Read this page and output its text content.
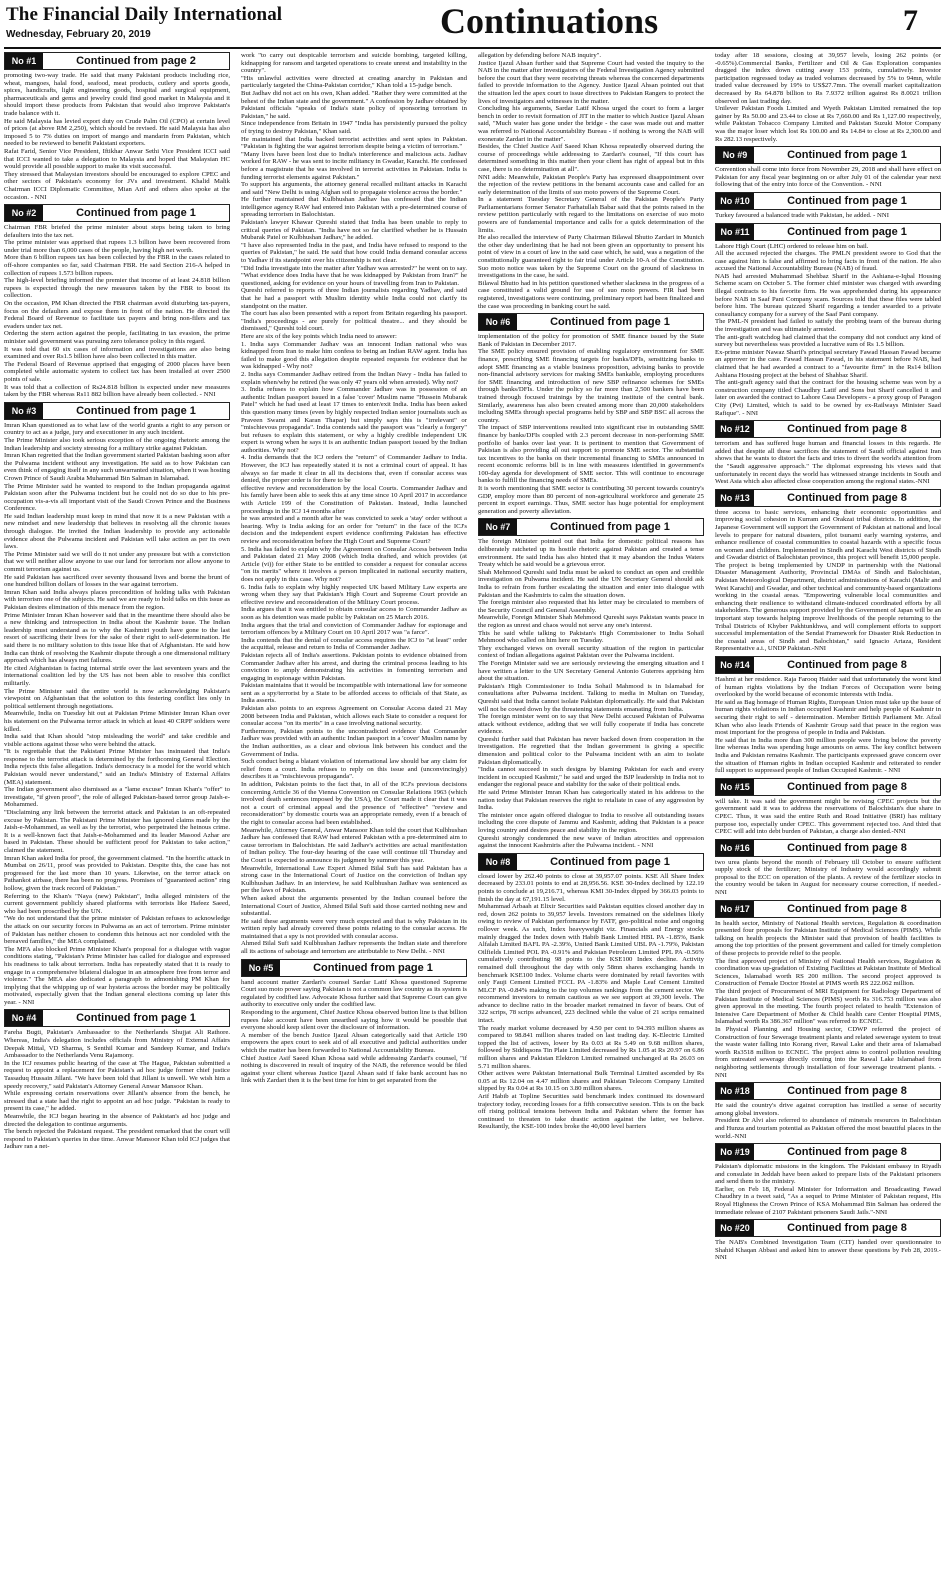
The Financial Daily International
Wednesday, February 20, 2019	Continuations	7
No #1	Continued from page 2
promoting two-way trade. He said that many Pakistani products including rice, wheat, mangoes, halal food, seafood, meat products, cutlery and sports goods, spices, handicrafts, light engineering goods, hospital and surgical equipment, pharmaceuticals and gems and jewelry could find good market in Malaysia and it should import these products from Pakistan that would also improve Pakistan's trade balance with it.
He said Malaysia has levied export duty on Crude Palm Oil (CPO) at certain level of prices (at above RM 2,250), which should be revised. He said Malaysia has also imposed 5 to 7% duties on import of mango and mandarin from Pakistan, which needed to be reviewed to benefit Pakistani exporters.
Rafat Farid, Senior Vice President, Iftikhar Anwar Sethi Vice President ICCI said that ICCI wanted to take a delegation to Malaysia and hoped that Malaysian HC would provide all possible support to make its visit successful.
They stressed that Malaysian investors should be encouraged to explore CPEC and other sectors of Pakistan's economy for JVs and investment. Khalid Malik Chairman ICCI Diplomatic Committee, Mian Arif and others also spoke at the occasion. - NNI
No #2	Continued from page 1
Chairman FBR briefed the prime minister about steps being taken to bring defaulters into the tax net.
The prime minister was apprised that rupees 1.3 billion have been recovered from under trial more than 6,000 cases of the people, having high net worth.
More than 6 billion rupees tax has been collected by the FBR in the cases related to off-shore companies so far, said Chairman FBR. He said Section 216-A helped in collection of rupees 1.573 billion rupees.
The high-level briefing informed the premier that income of at least 24.818 billion rupees is expected through the new measures taken by the FBR to boost its collection.
On the occasion, PM Khan directed the FBR chairman avoid disturbing tax-payers, focus on the defaulters and expose them in front of the nation. He directed the Federal Board of Revenue to facilitate tax payers and bring non-filers and tax evaders under tax net.
Ordering the stern action against the people, facilitating in tax evasion, the prime minister said government was pursuing zero tolerance policy in this regard.
It was told that 60 six cases of information and investigations are also being examined and over Rs1.5 billion have also been collected in this matter.
The Federal Board of Revenue apprised that engaging of 2000 places have been completed while automatic system to collect tax has been installed at over 2500 points of sale.
It was told that a collection of Rs24.818 billion is expected under new measures taken by the FBR whereas Rs11 882 billion have already been collected. - NNI
No #3	Continued from page 1
Imran Khan questioned as to what law of the world grants a right to any person or country to act as a judge, jury and executioner in any such incident.
The Prime Minister also took serious exception of the ongoing rhetoric among the Indian leadership and society stressing for a military strike against Pakistan.
Imran Khan regretted that the Indian government started Pakistan bashing soon after the Pulwama incident without any investigation. He said as to how Pakistan can even think of engaging itself in any such unwarranted situation, when it was hosting Crown Prince of Saudi Arabia Muhammad Bin Salman in Islamabad.
The Prime Minister said he wanted to respond to the Indian propaganda against Pakistan soon after the Pulwama incident but he could not do so due to his pre-occupation vis-a-vis all important visit of the Saudi Crown Prince and the Business Conference.
He said Indian leadership must keep in mind that now it is a new Pakistan with a new mindset and new leadership that believes in resolving all the chronic issues through dialogue. He invited the Indian leadership to provide any actionable evidence about the Pulwama incident and Pakistan will take action as per its own laws.
The Prime Minister said we will do it not under any pressure but with a conviction that we will neither allow anyone to use our land for terrorism nor allow anyone to commit terrorism against us.
He said Pakistan has sacrificed over seventy thousand lives and borne the brunt of one hundred billion dollars of losses in the war against terrorism.
Imran Khan said India always places precondition of holding talks with Pakistan with terrorism one of the subjects. He said we are ready to hold talks on this issue as Pakistan desires elimination of this menace from the region.
Prime Minister Imran Khan however said that in the meantime there should also be a new thinking and introspection in India about the Kashmir issue. The Indian leadership must understand as to why the Kashmiri youth have gone to the last resort of sacrificing their lives for the sake of their right to self-determination. He said there is no military solution to this issue like that of Afghanistan. He said how India can think of resolving the Kashmir dispute through a one dimensional military approach which has always met failures.
He cited Afghanistan is facing internal strife over the last seventeen years and the international coalition led by the US has not been able to resolve this conflict militarily.
The Prime Minister said the entire world is now acknowledging Pakistan's viewpoint on Afghanistan that the solution to this festering conflict lies only in political settlement through negotiations.
Meanwhile, India on Tuesday hit out at Pakistan Prime Minister Imran Khan over his statement on the Pulwama terror attack in which at least 40 CRPF soldiers were killed.
India said that Khan should "stop misleading the world" and take credible and visible actions against those who were behind the attack.
"It is regrettable that the Pakistani Prime Minister has insinuated that India's response to the terrorist attack is determined by the forthcoming General Election. India rejects this false allegation. India's democracy is a model for the world which Pakistan would never understand," said an India's Ministry of External Affairs (MEA) statement.
The Indian government also dismissed as a "lame excuse" Imran Khan's "offer" to investigate, "if given proof", the role of alleged Pakistan-based terror group Jaish-e-Mohammed.
"Disclaiming any link between the terrorist attack and Pakistan is an oft-repeated excuse by Pakistan. The Pakistani Prime Minister has ignored claims made by the Jaish-e-Mohammed, as well as by the terrorist, who perpetrated the heinous crime. It is a well-known fact that Jaish-e-Mohammed and its leader Masood Azhar are based in Pakistan. These should be sufficient proof for Pakistan to take action," claimed the statement.
Imran Khan asked India for proof, the government claimed. "In the horrific attack in Mumbai on 26/11, proof was provided to Pakistan. Despite this, the case has not progressed for the last more than 10 years. Likewise, on the terror attack on Pathankot airbase, there has been no progress. Promises of "guaranteed action" ring hollow, given the track record of Pakistan."
Referring to the Khan's "Naya (new) Pakistan", India alleged ministers of the current government publicly shared platforms with terrorists like Hafeez Saeed, who had been proscribed by the UN.
"We do not understand that the prime minister of Pakistan refuses to acknowledge the attack on our security forces in Pulwama as an act of terrorism. Prime minister of Pakistan has neither chosen to condemn this heinous act nor condoled with the bereaved families," the MEA complained.
The MFA also blocked Prime Minister Khan's proposal for a dialogue with vague conditions stating, "Pakistan's Prime Minister has called for dialogue and expressed his readiness to talk about terrorism. India has repeatedly stated that it is ready to engage in a comprehensive bilateral dialogue in an atmosphere free from terror and violence." The MEA also dedicated a paragraph to admonishing PM Khan for implying that the whipping up of war hysteria across the border may be politically motivated, especially given that the Indian general elections coming up later this year. - NNI
No #4	Continued from page 1
Fareha Bugti, Pakistan's Ambassador to the Netherlands Shujjat Ali Rathore. Whereas, India's delegation includes officials from Ministry of External Affairs Deepak Mittal, VD Sharma, S Senthil Kumar and Sandeep Kumar, and India's Ambassador to the Netherlands Venu Rajamony.
In the ICJ resumes public hearing of the case at The Hague, Pakistan submitted a request to appoint a replacement for Pakistan's ad hoc judge former chief justice Tassaduq Hussain Jillani. "We have been told that Jillani is unwell. We wish him a speedy recovery," said Pakistan's Attorney General Anwar Mansoor Khan.
While expressing certain reservations over Jillani's absence from the bench, he stressed that a state had the right to appoint an ad hoc judge. "Pakistan is ready to present its case," he added.
Meanwhile, the ICJ began hearing in the absence of Pakistan's ad hoc judge and directed the delegation to continue arguments.
The bench rejected the Pakistani request. The president remarked that the court will respond to Pakistan's queries in due time. Anwar Mansoor Khan told ICJ judges that Jadhav ran a net-
work "to carry out despicable terrorism and suicide bombing, targeted killing, kidnapping for ransom and targeted operations to create unrest and instability in the country".
"His unlawful activities were directed at creating anarchy in Pakistan and particularly targeted the China-Pakistan corridor," Khan told a 15-judge bench.
But Jadhav did not act on his own, Khan added. "Rather they were committed at the behest of the Indian state and the government." A confession by Jadhav obtained by Pakistani officials "speaks of India's state policy of sponsoring terrorism in Pakistan," he said.
Since independence from Britain in 1947 "India has persistently pursued the policy of trying to destroy Pakistan," Khan said.
He maintained that India backed terrorist activities and sent spies in Pakistan. "Pakistan is fighting the war against terrorism despite being a victim of terrorism."
"Many lives have been lost due to India's interference and malicious acts. Jadhav worked for RAW - he was sent to incite militancy in Gwadar, Karachi. He confessed before a magistrate that he was involved in terrorist activities in Pakistan. India is funding terrorist elements against Pakistan."
To support his arguments, the attorney general recalled militant attacks in Karachi and said "New Delhi is using Afghan soil to propagate violence across the border."
He further maintained that Kulbhushan Jadhav has confessed that the Indian intelligence agency RAW had entered into Pakistan with a pre-determined course of spreading terrorism in Balochistan.
Pakistan's lawyer Khawar Qureshi stated that India has been unable to reply to critical queries of Pakistan. "India have not so far clarified whether he is Hussain Mubarak Patel or Kulbhushan Jadhav," he added.
"I have also represented India in the past, and India have refused to respond to the queries of Pakistan," he said. He said that how could India demand consular access to Yadhav if its standpoint over his citizenship is not clear.
"Did India investigate into the matter after Yadhav was arrested?" he went on to say. "What evidence does India have that he was kidnapped by Pakistan from Iran?" he questioned, asking for evidence on your hours of travelling from Iran to Pakistan.
Qureshi referred to reports of three Indian journalists regarding Yadhav, and said that he had a passport with Muslim identity while India could not clarify its standpoint on the matter.
The court has also been presented with a report from Britain regarding his passport. "India's proceedings - are purely for political theatre... and they should be dismissed," Qureshi told court.
Here are six of the key points which India need to answer:
1. India says Commander Jadhav was an innocent Indian national who was kidnapped from Iran to make him confess to being an Indian RAW agent. India has failed to make good this allegation despite repeated requests for evidence that he was kidnapped - Why not?
2. India says Commander Jadhav retired from the Indian Navy - India has failed to explain when/why he retired (he was only 47 years old when arrested). Why not?
3. India refuses to explain how Commander Jadhav was in possession of an authentic Indian passport issued in a false 'cover' Muslim name "Hussein Mubarak Patel" which he had used at least 17 times to enter/exit India. India has been asked this question many times (even by highly respected Indian senior journalists such as Praveen Swami and Karan Thapar) but simply says this is "irrelevant" or "mischievous propaganda". India contends said the passport was "clearly a forgery" but refuses to explain this statement, or why a highly credible independent UK expert is wrong when he says it is an authentic Indian passport issued by the Indian authorities. Why not?
4. India demands that the ICJ orders the "return" of Commander Jadhav to India. However, the ICJ has repeatedly stated it is not a criminal court of appeal. It has always so far made it clear in all its decisions that, even if consular access was denied, the proper order is for there to be
effective review and reconsideration by the local Courts. Commander Jadhav and his family have been able to seek this at any time since 10 April 2017 in accordance with Article 199 of the Constitution of Pakistan. Instead, India launched proceedings in the ICJ 14 months after
he was arrested and a month after he was convicted to seek a 'stay' order without a hearing. Why is India asking for an order for "return" in the face of the ICJ's decision and the independent expert evidence confirming Pakistan has effective review and reconsideration before the High Court and Supreme Court?
5. India has failed to explain why the Agreement on Consular Access between India and Pakistan dated 21 May 2008 (which India drafted, and which provides (at Article (vi)) for either State to be entitled to consider a request for consular access "on its merits" where it involves a person implicated in national security matters, does not apply in this case. Why not?
6. India fails to explain why highly respected UK based Military Law experts are wrong when they say that Pakistan's High Court and Supreme Court provide an effective review and reconsideration of the Military Court process.
India argues that it was entitled to obtain consular access to Commander Jadhav as soon as his detention was made public by Pakistan on 25 March 2016.
India argues that the trial and conviction of Commander Jadhav for espionage and terrorism offences by a Military Court on 10 April 2017 was "a farce".
India contends that the denial of consular access requires the ICJ to "at least" order the acquittal, release and return to India of Commander Jadhav.
Pakistan rejects all of India's assertions. Pakistan points to evidence obtained from Commander Jadhav after his arrest, and during the criminal process leading to his conviction to amply demonstrating his activities in fomenting terrorism and engaging in espionage within Pakistan.
Pakistan maintains that it would be incompatible with international law for someone sent as a spy/terrorist by a State to be afforded access to officials of that State, as India asserts.
Pakistan also points to an express Agreement on Consular Access dated 21 May 2008 between India and Pakistan, which allows each State to consider a request for consular access "on its merits" in a case involving national security.
Furthermore, Pakistan points to the uncontradicted evidence that Commander Jadhav was provided with an authentic Indian passport in a 'cover' Muslim name by the Indian authorities, as a clear and obvious link between his conduct and the Government of India.
Such conduct being a blatant violation of international law should bar any claim for relief from a court. India refuses to reply on this issue and (unconvincingly) describes it as "mischievous propaganda".
In addition, Pakistan points to the fact that, in all of the ICJ's previous decisions concerning Article 36 of the Vienna Convention on Consular Relations 1963 (which involved death sentences imposed by the USA), the Court made it clear that it was not a court of criminal appeal and the presence of "effective" "review and reconsideration" by domestic courts was an appropriate remedy, even if a breach of the right to consular access had been established.
Meanwhile, Attorney General, Anwar Mansoor Khan told the court that Kulbhushan Jadhav has confessed that RAW had entered Pakistan with a pre-determined aim to cause terrorism in Balochistan. He said Jadhav's activities are actual manifestation of Indian policy. The four-day hearing of the case will continue till Thursday and the Court is expected to announce its judgment by summer this year.
Meanwhile, International Law Expert Ahmed Bilal Sufi has said Pakistan has a strong case in the International Court of Justice on the conviction of Indian spy Kulbhushan Jadhav. In an interview, he said Kulbhushan Jadhav was sentenced as per the laws of Pakistan.
When asked about the arguments presented by the Indian counsel before the International Court of Justice, Ahmed Bilal Sufi said those carried nothing new and substantial.
He said these arguments were very much expected and that is why Pakistan in its written reply had already covered these points relating to the consular access. He maintained that a spy is not provided with consular access.
Ahmed Bilal Sufi said Kulbhushan Jadhav represents the Indian state and therefore all its actions of sabotage and terrorism are attributable to New Delhi. - NNI
No #5	Continued from page 1
hand account matter Zardari's counsel Sardar Latif Khosa questioned Supreme Court suo moto power saying Pakistan is not a common law country as its system is regulated by codified law. Advocate Khosa further said that Supreme Court can give authority to executive only under the codified law.
Responding to the argument, Chief Justice Khosa observed button line is that billion rupees fake account have been unearthed saying how it would be possible that everyone should keep silent over the disclosure of information.
A member of the bench Justice Ijazul Ahsan categorically said that Article 190 empowers the apex court to seek aid of all executive and judicial authorities under which the matter has been forwarded to National Accountability Bureau.
Chief Justice Asif Saeed Khan Khosa said while addressing Zardari's counsel, "if nothing is discovered in result of inquiry of the NAB, the reference would be filed against your client whereas Justice Ijazul Ahsan said if fake bank account has no link with Zardari then it is the best time for him to get separated from the
allegation by defending before NAB inquiry".
Justice Ijazul Ahsan further said that Supreme Court had vested the inquiry to the NAB in the matter after investigators of the Federal Investigation Agency submitted before the court that they were receiving threats whereas the concerned departments failed to provide information to the Agency. Justice Ijazul Ahsan pointed out that the situation led the apex court to issue directives to Pakistan Rangers to protect the lives of investigators and witnesses in the matter.
Concluding his arguments, Sardar Latif Khosa urged the court to form a larger bench in order to revisit formation of JIT in the matter to which Justice Ijazul Ahsan said, "Much water has gone under the bridge - the case was made out and matter was referred to National Accountability Bureau - if nothing is wrong the NAB will exonerate Zardari in the matter".
Besides, the Chief Justice Asif Saeed Khan Khosa repeatedly observed during the course of proceedings while addressing to Zardari's counsel, "If this court has determined something in this matter then your client has right of appeal but in this case, there is no determination at all".
NNI adds: Meanwhile, Pakistan People's Party has expressed disappointment over the rejection of the review petitions in the benami accounts case and called for an early determination of the limits of suo moto powers of the Supreme Court.
In a statement Tuesday Secretary General of the Pakistan People's Party Parliamentarians former Senator Farhatullah Babar said that the points raised in the review petition particularly with regard to the limitations on exercise of suo moto powers are of fundamental importance and calls for a quick determination of the limits.
He also recalled the interview of Party Chairman Bilawal Bhutto Zardari in Munich the other day underlining that he had not been given an opportunity to present his point of view in a court of law in the said case which, he said, was a negation of the constitutionally guaranteed right to fair trial under Article 10-A of the Constitution. Suo moto notice was taken by the Supreme Court on the ground of slackness in investigations in the case, he said.
Bilawal Bhutto had in his petition questioned whether slackness in the progress of a case constituted a valid ground for use of suo moto powers. FIR had been registered, investigations were continuing, preliminary report had been finalized and the case was proceeding in banking court he said.
No #6	Continued from page 1
implementation of the policy for promotion of SME finance issued by the State Bank of Pakistan in December 2017.
The SME policy ensured provision of enabling regulatory environment for SME finance, prescribing SME financing targets for banks/DFIs, sensitizing banks to adopt SME financing as a viable business proposition, advising banks to provide non-financial advisory services for making SMEs bankable, employing procedures for SME financing and introduction of new SBP refinance schemes for SMEs through banks/DFIs. Under the policy so far more than 2,500 bankers have been trained through focused trainings by the training institute of the central bank. Similarly, awareness has also been created among more than 20,000 stakeholders including SMEs through special programs held by SBP and SBP BSC all across the country.
The impact of SBP interventions resulted into significant rise in outstanding SME finance by banks/DFIs coupled with 2.3 percent decrease in non-performing SME portfolio of banks over last year. It is pertinent to mention that Government of Pakistan is also providing all out support to promote SME sector. The substantial tax incentives to the banks on their incremental financing to SMEs announced in recent economic reforms bill is in line with measures identified in government's 100-day agenda for development of SME sector. This will continue to encourage banks to fulfill the financing needs of SMEs.
It is worth mentioning that SME sector is contributing 30 percent towards country's GDP, employ more than 80 percent of non-agricultural workforce and generate 25 percent in export earnings. Thus, SME sector has huge potential for employment generation and poverty alleviation.
No #7	Continued from page 1
The foreign Minister pointed out that India for domestic political reasons has deliberately ratcheted up its hostile rhetoric against Pakistan and created a tense environment. He said India has also hinted that it may abandon the Indus Waters Treaty which he said would be a grievous error.
Shah Mehmood Qureshi said India must be asked to conduct an open and credible investigation on Pulwama incident. He said the UN Secretary General should ask India to refrain from further escalating the situation and enter into dialogue with Pakistan and the Kashmiris to calm the situation down.
The foreign minister also requested that his letter may be circulated to members of the Security Council and General Assembly.
Meanwhile, Foreign Minister Shah Mehmood Qureshi says Pakistan wants peace in the region as unrest and chaos would not serve any one's interest.
This he said while talking to Pakistan's High Commissioner to India Sohail Mehmood who called on him here on Tuesday.
They exchanged views on overall security situation of the region in particular context of Indian allegations against Pakistan over the Pulwama incident.
The Foreign Minister said we are seriously reviewing the emerging situation and I have written a letter to the UN Secretary General Antonio Guterres apprising him about the situation.
Pakistan's High Commissioner to India Sohail Mahmood is in Islamabad for consultations after Pulwama incident. Talking to media in Multan on Tuesday, Qureshi said that India cannot isolate Pakistan diplomatically. He said that Pakistan will not be cowed down by the threatening statements emanating from India.
The foreign minister went on to say that New Delhi accused Pakistan of Pulwama attack without evidence, adding that we will fully cooperate if India has concrete evidence.
Qureshi further said that Pakistan has never backed down from cooperation in the investigation. He regretted that the Indian government is giving a specific dimension and political color to the Pulwama incident with an aim to isolate Pakistan diplomatically.
"India cannot succeed in such designs by blaming Pakistan for each and every incident in occupied Kashmir," he said and urged the BJP leadership in India not to endanger the regional peace and stability for the sake of their political ends.
He said Prime Minister Imran Khan has categorically stated in his address to the nation today that Pakistan reserves the right to retaliate in case of any aggression by India.
The minister once again offered dialogue to India to resolve all outstanding issues including the core dispute of Jammu and Kashmir, adding that Pakistan is a peace loving country and desires peace and stability in the region.
Qureshi strongly condemned the new wave of Indian atrocities and oppression against the innocent Kashmiris after the Pulwama incident. - NNI
No #8	Continued from page 1
closed lower by 262.40 points to close at 39,957.07 points. KSE All Share Index decreased by 233.01 points to end at 28,956.56. KSE 30-Index declined by 122.19 points to conclude at 19,216.71, whereas KMI 30-Index dipped by 366.03 points to finish the day at 67,191.15 level.
Muhammad Arbaah at Elixir Securities said Pakistan equities closed another day in red, down 262 points to 39,957 levels. Investors remained on the sidelines likely owing to review of Pakistan performance by FATF, geo-political noise and ongoing rollover week. As such, Index heavyweight viz. Financials and Energy stocks mainly dragged the Index down with Habib Bank Limited HBL PA -1.85%, Bank Alfalah Limited BAFL PA -2.39%, United Bank Limited UBL PA -1.79%, Pakistan Oilfields Limited POL PA -0.91% and Pakistan Petroleum Limited PPL PA -0.56% cumulatively contributing 98 points to the KSE100 Index decline. Activity remained dull throughout the day with only 58mn shares exchanging hands in benchmark KSE100 Index. Volume charts were dominated by retail favorites with only Fauji Cement Limited FCCL PA -1.83% and Maple Leaf Cement Limited MLCF PA -0.84% making to the top volumes rankings from the cement sector. We recommend investors to remain cautious as we see support at 39,300 levels. The advance to decline ratio in the broader market remained in favor of bears. Out of 322 scrips, 78 scrips advanced, 223 declined while the value of 21 scrips remained intact.
The ready market volume decreased by 4.50 per cent to 94.393 million shares as compared to 98.841 million shares traded on last trading day. K-Electric Limited topped the list of actives, lower by Rs 0.03 at Rs 5.49 on 9.68 million shares, followed by Siddiqsons Tin Plate Limited decreased by Rs 1.05 at Rs 20.97 on 6.86 million shares and Pakistan Elektron Limited remained unchanged at Rs 26.03 on 5.71 million shares.
Other actives were Pakistan International Bulk Terminal Limited ascended by Rs 0.05 at Rs 12.04 on 4.47 million shares and Pakistan Telecom Company Limited slipped by Rs 0.04 at Rs 10.15 on 3.80 million shares.
Arif Habib at Topline Securities said benchmark index continued its downward trajectory today, recording losses for a fifth consecutive session. This is on the back off rising political tensions between India and Pakistan where the former has continued to threaten to take drastic action against the latter, we believe. Resultantly, the KSE-100 index broke the 40,000 level barriers
today after 18 sessions, closing at 39,957 levels, losing 262 points (or -0.65%).Commercial Banks, Fertilizer and Oil & Gas Exploration companies dragged the index down cutting away 153 points, cumulatively. Investor participation regressed today as traded volumes decreased by 5% to 94mn, while traded value decreased by 19% to US$27.7mn. The overall market capitalization decreased by Rs 64.878 billion to Rs 7.9372 trillion against Rs 8.0021 trillion observed on last trading day.
Unilever Pakistan Foods Limited and Wyeth Pakistan Limited remained the top gainer by Rs 50.00 and 23.44 to close at Rs 7,660.00 and Rs 1,127.00 respectively, while Pakistan Tobacco Company Limited and Pakistan Suzuki Motor Company was the major loser which lost Rs 100.00 and Rs 14.84 to close at Rs 2,300.00 and Rs 282.13 respectively.
No #9	Continued from page 1
Convention shall come into force from November 29, 2018 and shall have effect on Pakistan for any fiscal year beginning on or after July 01 of the calendar year next following that of the entry into force of the Convention. - NNI
No #10	Continued from page 1
Turkey favoured a balanced trade with Pakistan, he added. - NNI
No #11	Continued from page 1
Lahore High Court (LHC) ordered to release him on bail.
All the accused rejected the charges. The PMLN president swore to God that the case against him is false and affirmed to bring facts in front of the nation. He also accused the National Accountability Bureau (NAB) of fraud.
NAB had arrested Muhammad Shehbaz Sharif in the Ashiana-e-Iqbal Housing Scheme scam on October 5. The former chief minister was charged with awarding illegal contracts to his favorite firm. He was apprehended during his appearance before NAB in Saaf Pani Company scam. Sources told that these files were tabled before him. The bureau quizzed Sharif regarding a tender awarded to a private consultancy company for a survey of the Saaf Pani company.
The PML-N president had failed to satisfy the probing team of the bureau during the investigation and was ultimately arrested.
The anti-graft watchdog had claimed that the company did not conduct any kind of survey but nevertheless was provided a lucrative sum of Rs 1.5 billion.
Ex-prime minister Nawaz Sharif's principal secretary Fawad Hassan Fawad became an approver in the case. Fawad Hassan Fawad, in his statement before NAB, had claimed that he had awarded a contract to a "favourite firm" in the Rs14 billion Ashiana Housing project at the behest of Shahbaz Sharif.
The anti-graft agency said that the contract for the housing scheme was won by a construction company titled Chaudhry Latif and Sons but Sharif cancelled it and later on awarded the contract to Lahore Casa Developers - a proxy group of Paragon City (Pvt) Limited, which is said to be owned by ex-Railways Minister Saad Rafique". - NNI
No #12	Continued from page 8
terrorism and has suffered huge human and financial losses in this regards. He added that despite all these sacrifices the statement of Saudi official against Iran shows that he wants to distort the facts and tries to divert the world's attention from the "Saudi aggressive approach." The diplomat expressing his views said that unfortunately in recent days the world has witnessed strange incidents in South and West Asia which also affected close cooperation among the regional states.-NNI
No #13	Continued from page 8
three access to basic services, enhancing their economic opportunities and improving social cohesion in Kurram and Orakzai tribal districts. In addition, the Japanese Government will support the Government of Pakistan at national and local levels to prepare for natural disasters, pilot tsunami early warning systems, and enhance resilience of coastal communities to coastal hazards with a specific focus on women and children. Implemented in Sindh and Karachi West districts of Sindh and Gwadar district of Balochistan province, this project will benefit 15,000 people.
The project is being implemented by UNDP in partnership with the National Disaster Management Authority, Provincial DMAs of Sindh and Balochistan, Pakistan Meteorological Department, district administrations of Karachi (Malir and West Karachi) and Gwadar, and other technical and community-based organizations working in the coastal areas. "Empowering vulnerable local communities and enhancing their resilience to withstand climate-induced coordinated efforts by all stakeholders. The generous support provided by the Government of Japan will be an important step towards helping improve livelihoods of the people returning to the Tribal Districts of Khyber Pakhtunkhwa, and will complement efforts to support successful implementation of the Sendai Framework for Disaster Risk Reduction in the coastal areas of Sindh and Balochistan," said Ignacio Artaza, Resident Representative a.i., UNDP Pakistan.-NNI
No #14	Continued from page 8
Hashmi at her residence. Raja Farooq Haider said that unfortunately the worst kind of human rights violations by the Indian Forces of Occupation were being overlooked by the world because of economic interests with India.
He said as Bag homage of Human Rights, European Union must take up the issue of human rights violations in Indian occupied Kashmir and help people of Kashmir in securing their right to self - determination. Member British Parliament Mr. Afzal Khan who also leads Friends of Kashmir Group said that peace in the region was most important for the progress of people in India and Pakistan.
He said that in India more than 300 million people were living below the poverty line whereas India was spending huge amounts on arms. The key conflict between India and Pakistan remains Kashmir. The participants expressed grave concern over the situation of Human rights in Indian occupied Kashmir and reiterated to render full support to suppressed people of Indian Occupied Kashmir. - NNI
No #15	Continued from page 8
will take. It was said the government might be revising CPEC projects but the government said it was to address the reservations of Balochistan's due share in CPEC. Thus, it was said the entire Ruth and Road Initiative (BRI) has military purpose too, especially under CPEC. This government rejected too. And third that CPEC will add into debt burden of Pakistan, a charge also denied.-NNI
No #16	Continued from page 8
two urea plants beyond the month of February till October to ensure sufficient supply stock of the fertilizer; Ministry of Industry would accordingly submit proposal to the ECC on operation of the plants. A review of the fertilizer stocks in the country would be taken in August for necessary course correction, if needed.-NNI
No #17	Continued from page 8
In health sector, Ministry of National Health services, Regulation & coordination presented four proposals for Pakistan Institute of Medical Sciences (PIMS). While talking on health projects the Minister said that provision of health facilities is among the top priorities of the present government and called for timely completion of these projects to provide relief to the people.
The first approved project of Ministry of National Health services, Regulation & coordination was up-gradation of Existing Facilities at Pakistan Institute of Medical Sciences, Islamabad worth RS 200 million. The second project approved is Construction of Female Doctor Hostel at PIMS worth RS 222.062 million.
The third project of Procurement of MRI Equipment for Radiology Department of Pakistan Institute of Medical Sciences (PIMS) worth Rs 316.753 million was also given approval in the meeting. The fourth project related to health "Extension of Intensive Care Department of Mother & Child health care Center Hospital PIMS, Islamabad worth Rs 386.367 million" was referred to ECNEC.
In Physical Planning and Housing sector, CDWP referred the project of Construction of four Sewerage treatment plants and related sewerage system to treat the waste water falling into Korang river, Rawal Lake and their area of Islamabad worth Rs3518 million to ECNEC. The project aims to control pollution resulting from untreated sewerage directly coming into the Rawal Lake Islamabad from neighboring settlements through installation of four sewerage treatment plants. - NNI
No #18	Continued from page 8
He said the country's drive against corruption has instilled a sense of security among global investors.
President Dr Alvi also referred to abundance of minerals resources in Balochistan and Hunza and tourism potential as Pakistan offered the most beautiful places in the world.-NNI
No #19	Continued from page 8
Pakistan's diplomatic missions in the kingdom. The Pakistani embassy in Riyadh and consulate in Jeddah have been asked to prepare lists of the Pakistani prisoners and send them to the ministry.
Earlier, on Feb 18, Federal Minister for Information and Broadcasting Fawad Chaudhry in a tweet said, "As a sequel to Prime Minister of Pakistan request, His Royal Highness the Crown Prince of KSA Mohammad Bin Salman has ordered the immediate release of 2107 Pakistani prisoners Saudi Jails."-NNI
No #20	Continued from page 8
The NAB's Combined Investigation Team (CIT) handed over questionnaire to Shahid Khaqan Abbasi and asked him to answer these questions by Feb 28, 2019.-NNI
